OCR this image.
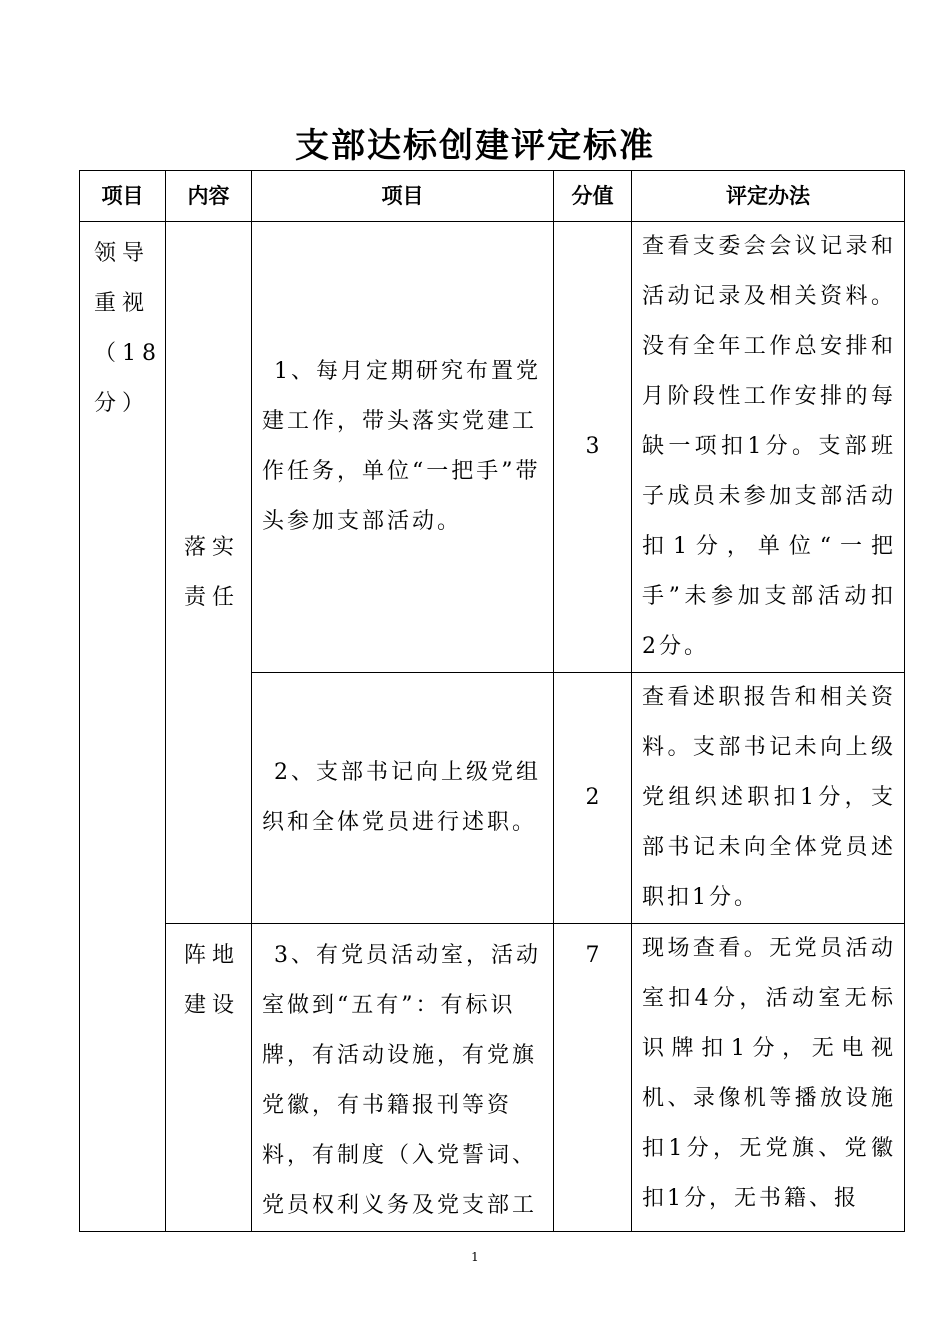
支部达标创建评定标准
项目	内容	项目	分值	评定办法
领导重视（18分）	落实责任	1、每月定期研究布置党建工作，带头落实党建工作任务，单位“一把手”带头参加支部活动。	3	查看支委会会议记录和活动记录及相关资料。没有全年工作总安排和月阶段性工作安排的每缺一项扣1分。支部班子成员未参加支部活动扣1分，单位“一把手”未参加支部活动扣2分。

		2、支部书记向上级党组织和全体党员进行述职。	2	查看述职报告和相关资料。支部书记未向上级党组织述职扣1分，支部书记未向全体党员述职扣1分。
	阵地建设	3、有党员活动室，活动室做到“五有”：有标识牌，有活动设施，有党旗党徽，有书籍报刊等资料，有制度（入党誓词、党员权利义务及党支部工	7	现场查看。无党员活动室扣4分，活动室无标识牌扣1分，无电视机、录像机等播放设施扣1分，无党旗、党徽扣1分，无书籍、报
1
